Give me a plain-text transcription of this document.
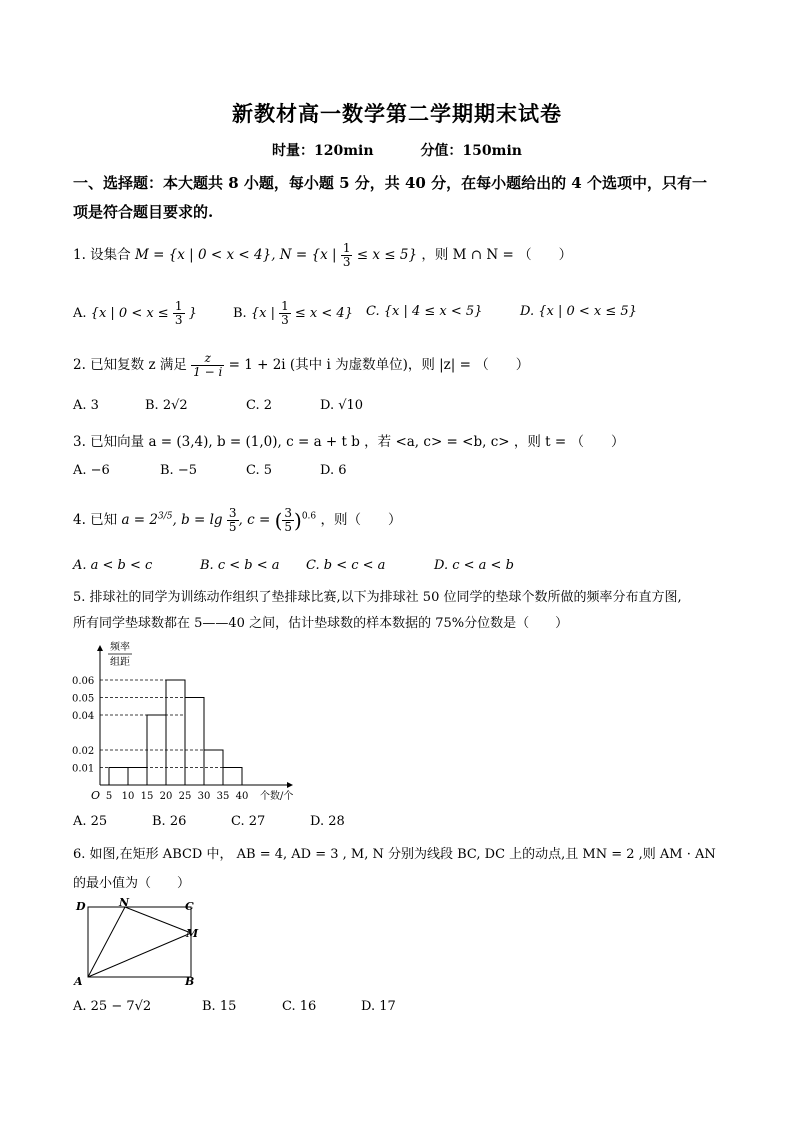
新教材高一数学第二学期期末试卷
时量：120min	分值：150min
一、选择题：本大题共 8 小题，每小题 5 分，共 40 分，在每小题给出的 4 个选项中，只有一
项是符合题目要求的.
1. 设集合 M = {x | 0 < x < 4}, N = {x | $\frac{1}{3} \le x \le 5$} ，则 M ∩ N = （　　）
A. {x | $0 < x \le \frac{1}{3}$ }	B. {x | $\frac{1}{3} \le x < 4$} C. {x | 4 ≤ x < 5}	D. {x | 0 < x ≤ 5}
2. 已知复数 z 满足 $\frac{z}{1 - i} = 1 + 2i$ (其中 i 为虚数单位)，则 |z| = （　　）
A. 3	B. 2√2	C. 2	D. √10
3. 已知向量 a = (3,4), b = (1,0), c = a + t b ，若 <a, c> = <b, c> ，则 t = （　　）
A. −6	B. −5	C. 5	D. 6
4. 已知 $a = 2^{3/5}$, $b = \lg \frac{3}{5}$ , c = ( $\frac{3}{5} )^{0.6}$ ，则（　　）
A. a < b < c	B. c < b < a C. b < c < a	D. c < a < b
5. 排球社的同学为训练动作组织了垫排球比赛,以下为排球社 50 位同学的垫球个数所做的频率分布直方图,
所有同学垫球数都在 5——40 之间，估计垫球数的样本数据的 75%分位数是（　　）
频率
组距
O	个数/个
0.06
0.05
0.04
0.02
0.01
5 10 15 20 25 30 35 40
A. 25	B. 26	C. 27	D. 28
6. 如图,在矩形 ABCD 中， AB = 4, AD = 3 , M, N 分别为线段 BC, DC 上的动点,且 MN = 2 ,则 AM · AN
的最小值为（　　）
D	N	C
M
A	B
A. 25 − 7√2	B. 15	C. 16	D. 17
